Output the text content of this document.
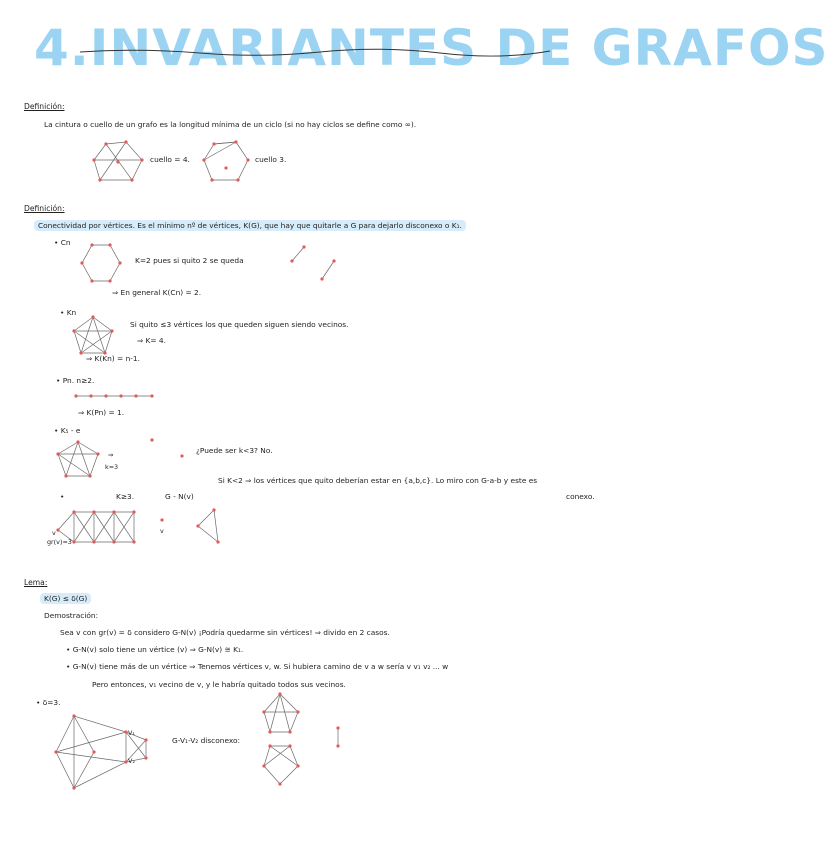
4.INVARIANTES DE GRAFOS
Definición:
La cintura o cuello de un grafo es la longitud mínima de un ciclo (si no hay ciclos se define como ∞).
cuello = 4.	cuello 3.
Definición:
Conectividad por vértices. Es el mínimo nº de vértices, K(G), que hay que quitarle a G para dejarlo disconexo o K₁.
• Cn
K=2 pues si quito 2 se queda
⇒ En general K(Cn) = 2.
• Kn
Si quito ≤3 vértices los que queden siguen siendo vecinos.
⇒ K= 4.
⇒ K(Kn) = n-1.
• Pn. n≥2.
⇒ K(Pn) = 1.
• K₅ - e
⇒
k=3
¿Puede ser k<3? No.
Si K<2 ⇒ los vértices que quito deberían estar en {a,b,c}. Lo miro con G-a-b y este es
conexo.
•	K≥3.	G - N(v)
v
gr(v)=3
v
Lema:
K(G) ≤ δ(G)
Demostración:
Sea v con gr(v) = δ considero G-N(v) ¡Podría quedarme sin vértices! ⇒ divido en 2 casos.
• G-N(v) solo tiene un vértice (v) ⇒ G-N(v) ≅ K₁.
• G-N(v) tiene más de un vértice ⇒ Tenemos vértices v, w. Si hubiera camino de v a w sería v v₁ v₂ ... w
Pero entonces, v₁ vecino de v, y le habría quitado todos sus vecinos.
• δ=3.
V₁
V₂
G-V₁-V₂ disconexo:
